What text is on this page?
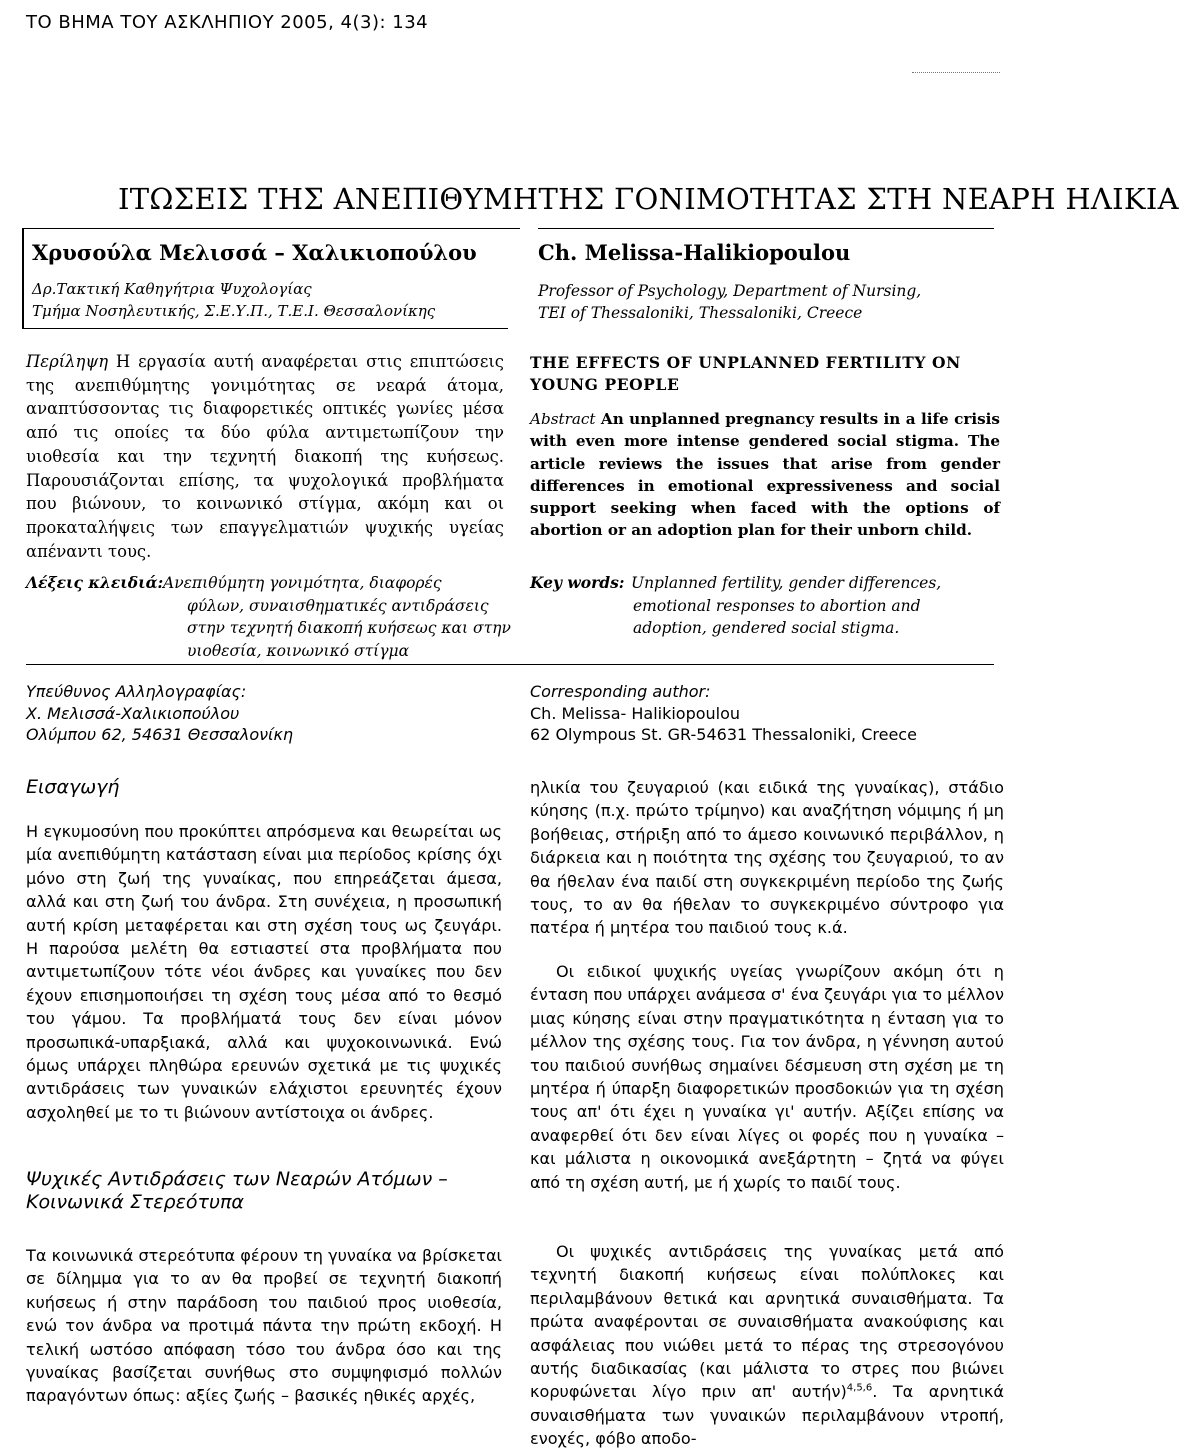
ΤΟ ΒΗΜΑ ΤΟΥ ΑΣΚΛΗΠΙΟΥ 2005, 4(3): 134
ΙΤΩΣΕΙΣ ΤΗΣ ΑΝΕΠΙΘΥΜΗΤΗΣ ΓΟΝΙΜΟΤΗΤΑΣ ΣΤΗ ΝΕΑΡΗ ΗΛΙΚΙΑ
Χρυσούλα Μελισσά – Χαλικιοπούλου
Δρ.Τακτική Καθηγήτρια Ψυχολογίας
Τμήμα Νοσηλευτικής, Σ.Ε.Υ.Π., Τ.Ε.Ι. Θεσσαλονίκης
Ch. Melissa-Halikiopoulou
Professor of Psychology, Department of Nursing,
TEI of Thessaloniki, Thessaloniki, Creece
Περίληψη Η εργασία αυτή αναφέρεται στις επιπτώσεις της ανεπιθύμητης γονιμότητας σε νεαρά άτομα, αναπτύσσοντας τις διαφορετικές οπτικές γωνίες μέσα από τις οποίες τα δύο φύλα αντιμετωπίζουν την υιοθεσία και την τεχνητή διακοπή της κυήσεως. Παρουσιάζονται επίσης, τα ψυχολογικά προβλήματα που βιώνουν, το κοινωνικό στίγμα, ακόμη και οι προκαταλήψεις των επαγγελματιών ψυχικής υγείας απέναντι τους.
THE EFFECTS OF UNPLANNED FERTILITY ON
YOUNG PEOPLE
Abstract An unplanned pregnancy results in a life crisis with even more intense gendered social stigma. The article reviews the issues that arise from gender differences in emotional expressiveness and social support seeking when faced with the options of abortion or an adoption plan for their unborn child.
Λέξεις κλειδιά: Ανεπιθύμητη γονιμότητα, διαφορές
φύλων, συναισθηματικές αντιδράσεις
στην τεχνητή διακοπή κυήσεως και στην
υιοθεσία, κοινωνικό στίγμα
Key words: Unplanned fertility, gender differences,
emotional responses to abortion and
adoption, gendered social stigma.
Υπεύθυνος Αλληλογραφίας:
Χ. Μελισσά-Χαλικιοπούλου
Ολύμπου 62, 54631 Θεσσαλονίκη
Corresponding author:
Ch. Melissa- Halikiopoulou
62 Olympous St. GR-54631 Thessaloniki, Creece
Εισαγωγή
Η εγκυμοσύνη που προκύπτει απρόσμενα και θεωρείται ως μία ανεπιθύμητη κατάσταση είναι μια περίοδος κρίσης όχι μόνο στη ζωή της γυναίκας, που επηρεάζεται άμεσα, αλλά και στη ζωή του άνδρα. Στη συνέχεια, η προσωπική αυτή κρίση μεταφέρεται και στη σχέση τους ως ζευγάρι. Η παρούσα μελέτη θα εστιαστεί στα προβλήματα που αντιμετωπίζουν τότε νέοι άνδρες και γυναίκες που δεν έχουν επισημοποιήσει τη σχέση τους μέσα από το θεσμό του γάμου. Τα προβλήματά τους δεν είναι μόνον προσωπικά-υπαρξιακά, αλλά και ψυχοκοινωνικά. Ενώ όμως υπάρχει πληθώρα ερευνών σχετικά με τις ψυχικές αντιδράσεις των γυναικών ελάχιστοι ερευνητές έχουν ασχοληθεί με το τι βιώνουν αντίστοιχα οι άνδρες.
Ψυχικές Αντιδράσεις των Νεαρών Ατόμων –
Κοινωνικά Στερεότυπα
Τα κοινωνικά στερεότυπα φέρουν τη γυναίκα να βρίσκεται σε δίλημμα για το αν θα προβεί σε τεχνητή διακοπή κυήσεως ή στην παράδοση του παιδιού προς υιοθεσία, ενώ τον άνδρα να προτιμά πάντα την πρώτη εκδοχή. Η τελική ωστόσο απόφαση τόσο του άνδρα όσο και της γυναίκας βασίζεται συνήθως στο συμψηφισμό πολλών παραγόντων όπως: αξίες ζωής – βασικές ηθικές αρχές,
ηλικία του ζευγαριού (και ειδικά της γυναίκας), στάδιο κύησης (π.χ. πρώτο τρίμηνο) και αναζήτηση νόμιμης ή μη βοήθειας, στήριξη από το άμεσο κοινωνικό περιβάλλον, η διάρκεια και η ποιότητα της σχέσης του ζευγαριού, το αν θα ήθελαν ένα παιδί στη συγκεκριμένη περίοδο της ζωής τους, το αν θα ήθελαν το συγκεκριμένο σύντροφο για πατέρα ή μητέρα του παιδιού τους κ.ά.
Οι ειδικοί ψυχικής υγείας γνωρίζουν ακόμη ότι η ένταση που υπάρχει ανάμεσα σ' ένα ζευγάρι για το μέλλον μιας κύησης είναι στην πραγματικότητα η ένταση για το μέλλον της σχέσης τους. Για τον άνδρα, η γέννηση αυτού του παιδιού συνήθως σημαίνει δέσμευση στη σχέση με τη μητέρα ή ύπαρξη διαφορετικών προσδοκιών για τη σχέση τους απ' ότι έχει η γυναίκα γι' αυτήν. Αξίζει επίσης να αναφερθεί ότι δεν είναι λίγες οι φορές που η γυναίκα – και μάλιστα η οικονομικά ανεξάρτητη – ζητά να φύγει από τη σχέση αυτή, με ή χωρίς το παιδί τους.
Οι ψυχικές αντιδράσεις της γυναίκας μετά από τεχνητή διακοπή κυήσεως είναι πολύπλοκες και περιλαμβάνουν θετικά και αρνητικά συναισθήματα. Τα πρώτα αναφέρονται σε συναισθήματα ανακούφισης και ασφάλειας που νιώθει μετά το πέρας της στρεσογόνου αυτής διαδικασίας (και μάλιστα το στρες που βιώνει κορυφώνεται λίγο πριν απ' αυτήν)$^{4,5,6}$. Τα αρνητικά συναισθήματα των γυναικών περιλαμβάνουν ντροπή, ενοχές, φόβο αποδο-
